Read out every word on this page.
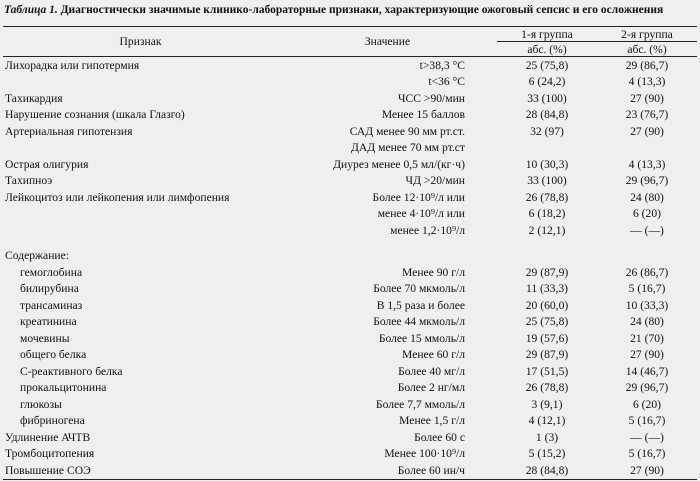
Таблица 1. Диагностически значимые клинико-лабораторные признаки, характеризующие ожоговый сепсис и его осложнения
Признак	Значение	1-я группа	2-я группа
		абс. (%)	абс. (%)
Лихорадка или гипотермия	t>38,3 °С	25 (75,8)	29 (86,7)
	t<36 °С	6 (24,2)	4 (13,3)
Тахикардия	ЧСС >90/мин	33 (100)	27 (90)
Нарушение сознания (шкала Глазго)	Менее 15 баллов	28 (84,8)	23 (76,7)
Артериальная гипотензия	САД менее 90 мм рт.ст.	32 (97)	27 (90)
	ДАД менее 70 мм рт.ст		
Острая олигурия	Диурез менее 0,5 мл/(кг·ч)	10 (30,3)	4 (13,3)
Тахипноэ	ЧД >20/мин	33 (100)	29 (96,7)
Лейкоцитоз или лейкопения или лимфопения	Более 12·10⁹/л или	26 (78,8)	24 (80)
	менее 4·10⁹/л или	6 (18,2)	6 (20)
	менее 1,2·10⁹/л	2 (12,1)	— (—)

Содержание:			
гемоглобина	Менее 90 г/л	29 (87,9)	26 (86,7)
билирубина	Более 70 мкмоль/л	11 (33,3)	5 (16,7)
трансаминаз	В 1,5 раза и более	20 (60,0)	10 (33,3)
креатинина	Более 44 мкмоль/л	25 (75,8)	24 (80)
мочевины	Более 15 ммоль/л	19 (57,6)	21 (70)
общего белка	Менее 60 г/л	29 (87,9)	27 (90)
С-реактивного белка	Более 40 мг/л	17 (51,5)	14 (46,7)
прокальцитонина	Более 2 нг/мл	26 (78,8)	29 (96,7)
глюкозы	Более 7,7 ммоль/л	3 (9,1)	6 (20)
фибриногена	Менее 1,5 г/л	4 (12,1)	5 (16,7)
Удлинение АЧТВ	Более 60 с	1 (3)	— (—)
Тромбоцитопения	Менее 100·10⁹/л	5 (15,2)	5 (16,7)
Повышение СОЭ	Более 60 ин/ч	28 (84,8)	27 (90)
